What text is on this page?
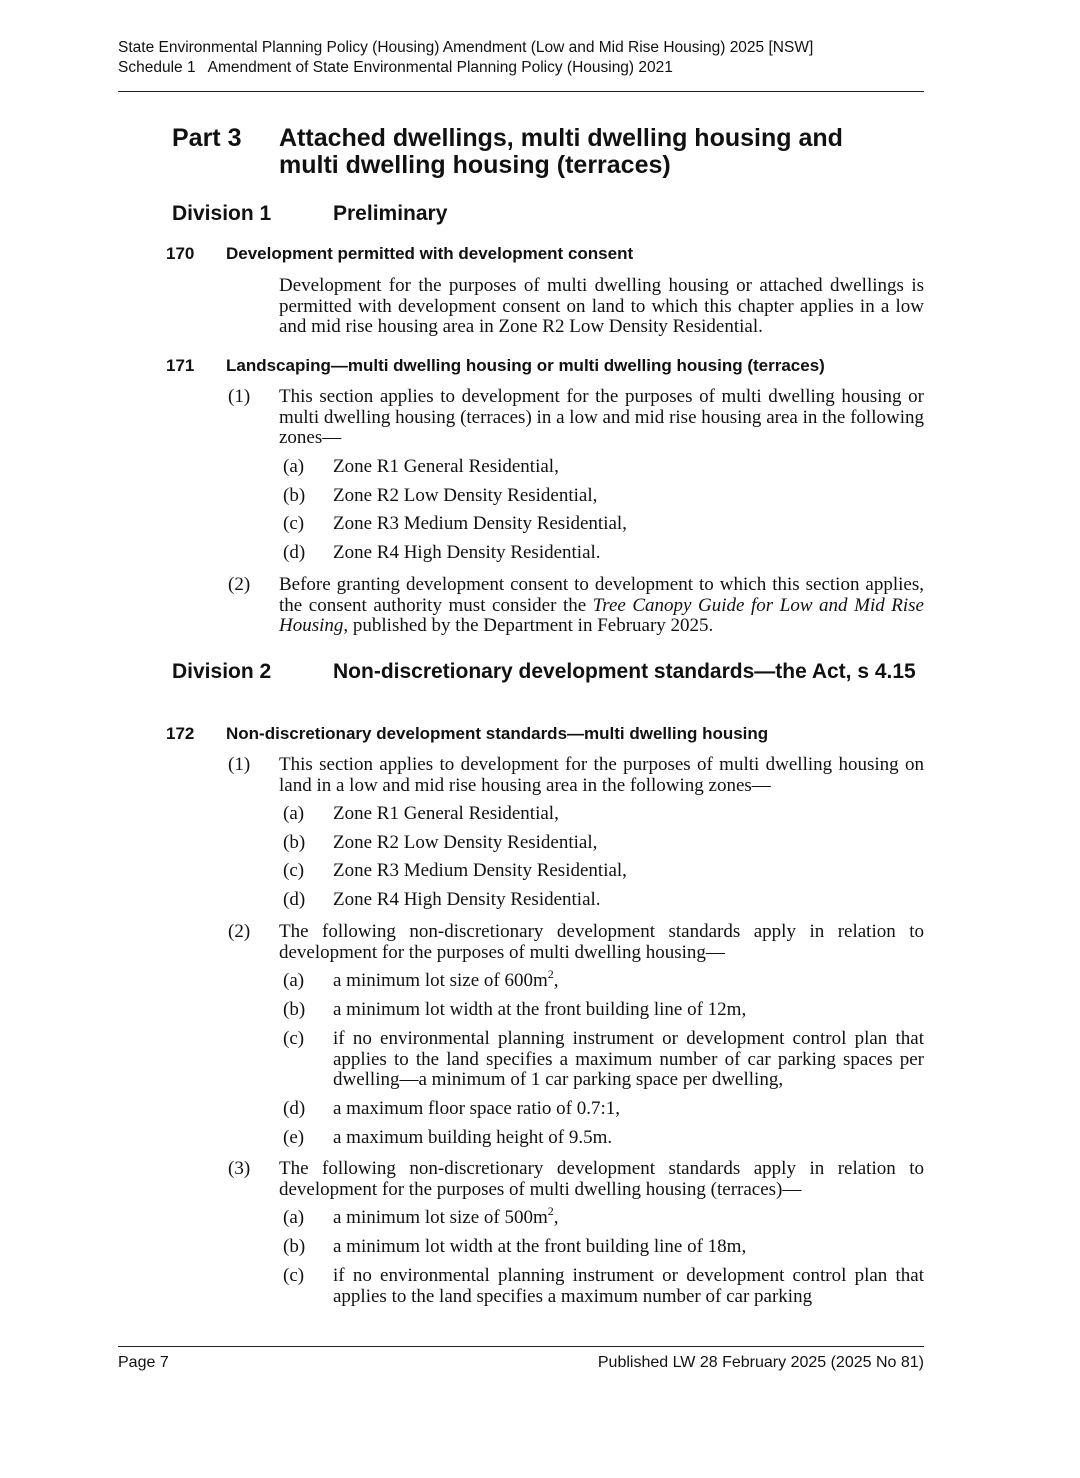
State Environmental Planning Policy (Housing) Amendment (Low and Mid Rise Housing) 2025 [NSW]
Schedule 1   Amendment of State Environmental Planning Policy (Housing) 2021
Part 3 Attached dwellings, multi dwelling housing and multi dwelling housing (terraces)
Division 1	Preliminary
170 Development permitted with development consent
Development for the purposes of multi dwelling housing or attached dwellings is permitted with development consent on land to which this chapter applies in a low and mid rise housing area in Zone R2 Low Density Residential.
171 Landscaping—multi dwelling housing or multi dwelling housing (terraces)
(1) This section applies to development for the purposes of multi dwelling housing or multi dwelling housing (terraces) in a low and mid rise housing area in the following zones—
(a) Zone R1 General Residential,
(b) Zone R2 Low Density Residential,
(c) Zone R3 Medium Density Residential,
(d) Zone R4 High Density Residential.
(2) Before granting development consent to development to which this section applies, the consent authority must consider the Tree Canopy Guide for Low and Mid Rise Housing, published by the Department in February 2025.
Division 2	Non-discretionary development standards—the Act, s 4.15
172 Non-discretionary development standards—multi dwelling housing
(1) This section applies to development for the purposes of multi dwelling housing on land in a low and mid rise housing area in the following zones—
(a) Zone R1 General Residential,
(b) Zone R2 Low Density Residential,
(c) Zone R3 Medium Density Residential,
(d) Zone R4 High Density Residential.
(2) The following non-discretionary development standards apply in relation to development for the purposes of multi dwelling housing—
(a) a minimum lot size of $600m^2$,
(b) a minimum lot width at the front building line of 12m,
(c) if no environmental planning instrument or development control plan that applies to the land specifies a maximum number of car parking spaces per dwelling—a minimum of 1 car parking space per dwelling,
(d) a maximum floor space ratio of 0.7:1,
(e) a maximum building height of 9.5m.
(3) The following non-discretionary development standards apply in relation to development for the purposes of multi dwelling housing (terraces)—
(a) a minimum lot size of $500m^2$,
(b) a minimum lot width at the front building line of 18m,
(c) if no environmental planning instrument or development control plan that applies to the land specifies a maximum number of car parking
Page 7	Published LW 28 February 2025 (2025 No 81)
